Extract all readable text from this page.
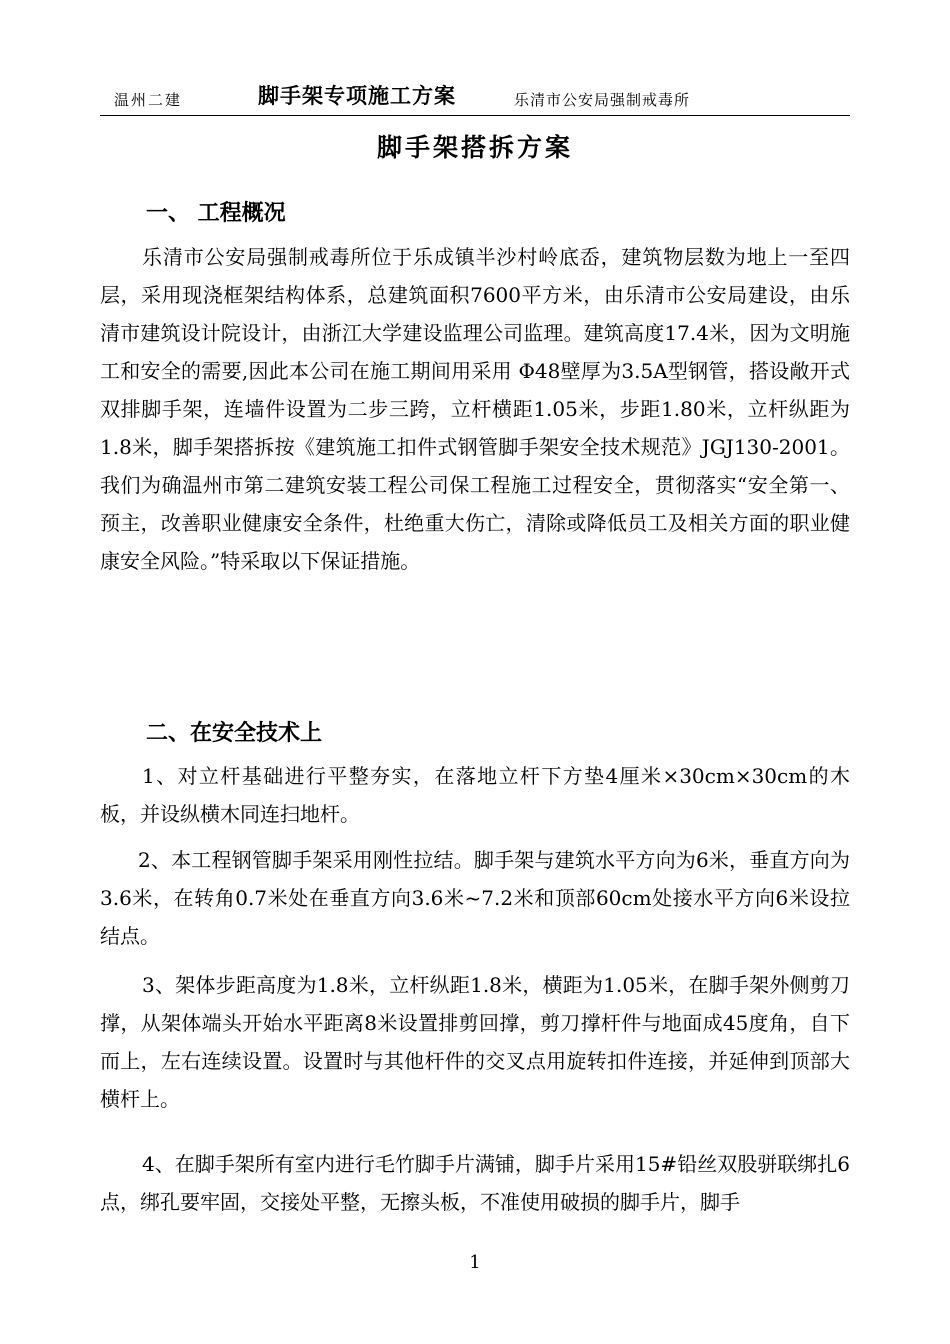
温州二建	脚手架专项施工方案	乐清市公安局强制戒毒所
脚手架搭拆方案
一、 工程概况
乐清市公安局强制戒毒所位于乐成镇半沙村岭底岙，建筑物层数为地上一至四层，采用现浇框架结构体系，总建筑面积7600平方米，由乐清市公安局建设，由乐清市建筑设计院设计，由浙江大学建设监理公司监理。建筑高度17.4米，因为文明施工和安全的需要,因此本公司在施工期间用采用 Φ48壁厚为3.5A型钢管，搭设敞开式双排脚手架，连墙件设置为二步三跨，立杆横距1.05米，步距1.80米，立杆纵距为1.8米，脚手架搭拆按《建筑施工扣件式钢管脚手架安全技术规范》JGJ130-2001。我们为确温州市第二建筑安装工程公司保工程施工过程安全，贯彻落实“安全第一、预主，改善职业健康安全条件，杜绝重大伤亡，清除或降低员工及相关方面的职业健康安全风险。”特采取以下保证措施。
二、在安全技术上
1、对立杆基础进行平整夯实，在落地立杆下方垫4厘米×30cm×30cm的木板，并设纵横木同连扫地杆。
2、本工程钢管脚手架采用刚性拉结。脚手架与建筑水平方向为6米，垂直方向为3.6米，在转角0.7米处在垂直方向3.6米~7.2米和顶部60cm处接水平方向6米设拉结点。
3、架体步距高度为1.8米，立杆纵距1.8米，横距为1.05米，在脚手架外侧剪刀撑，从架体端头开始水平距离8米设置排剪回撑，剪刀撑杆件与地面成45度角，自下而上，左右连续设置。设置时与其他杆件的交叉点用旋转扣件连接，并延伸到顶部大横杆上。
4、在脚手架所有室内进行毛竹脚手片满铺，脚手片采用15#铅丝双股骈联绑扎6点，绑孔要牢固，交接处平整，无擦头板，不准使用破损的脚手片，脚手
1
